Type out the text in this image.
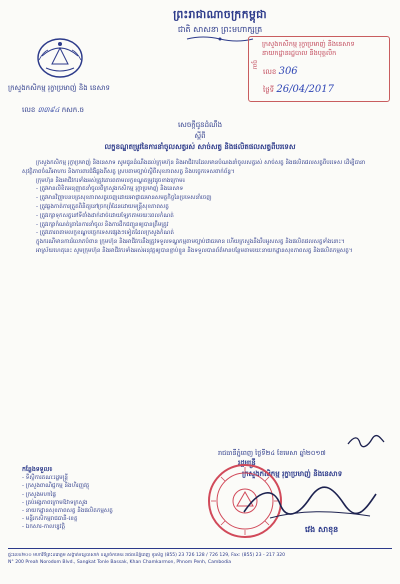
ព្រះរាជាណាចក្រកម្ពុជា
ជាតិ សាសនា ព្រះមហាក្សត្រ
ក្រសួងកសិកម្ម រុក្ខាប្រមាញ់ និង នេសាទ
លេខ ៣៣៩៤ កសក.ច
ក្រសួងកសិកម្ម រុក្ខាប្រមាញ់ និងនេសាទ
នាយកដ្ឋានរដ្ឋបាល និងបុគ្គលិក
ចូល
លេខ 306
ថ្ងៃទី 26/04/2017
សេចក្ដីជូនដំណឹង
ស្ដីពី
លក្ខខណ្ឌតម្រូវនៃការនាំចូលសត្វរស់ សាច់សត្វ និងផលិតផលសត្វពីបរទេស

ក្រសួងកសិកម្ម រុក្ខាប្រមាញ់ និងនេសាទ សូមជូនដំណឹងដល់ក្រុមហ៊ុន និងអាជីវករដែលមានបំណងនាំចូលសត្វរស់ សាច់សត្វ និងផលិតផលសត្វពីបរទេស ដើម្បីធានាសុវត្ថិភាពចំណីអាហារ និងការពារជំងឺឆ្លងពីសត្វ ស្របតាមច្បាប់ស្ដីពីសុខភាពសត្វ និងបច្ចេកទេសពាក់ព័ន្ធ។

ក្រុមហ៊ុន និងអាជីវករទាំងអស់ត្រូវគោរពតាមលក្ខខណ្ឌតម្រូវដូចខាងក្រោម៖

- ត្រូវមានលិខិតអនុញ្ញាតនាំចូលពីក្រសួងកសិកម្ម រុក្ខាប្រមាញ់ និងនេសាទ

- ត្រូវមានវិញ្ញាបនបត្រសុខភាពសត្វចេញដោយអាជ្ញាធរមានសមត្ថកិច្ចនៃប្រទេសនាំចេញ

- ត្រូវឆ្លងកាត់ការត្រួតពិនិត្យនៅច្រកព្រំដែនដោយមន្ត្រីសុខភាពសត្វ

- ត្រូវរក្សាទុកសត្វនៅទីតាំងដាក់ដាច់ដោយឡែកតាមរយៈពេលកំណត់

- ត្រូវរក្សាកំណត់ត្រានៃការនាំចូល និងការដឹកជញ្ជូនឲ្យបានត្រឹមត្រូវ

- ត្រូវគោរពតាមលក្ខខណ្ឌបច្ចេកទេសផ្សេងៗទៀតដែលក្រសួងកំណត់

ក្នុងករណីមានការរំលោភបំពាន ក្រុមហ៊ុន និងអាជីវករនឹងត្រូវទទួលទណ្ឌកម្មតាមច្បាប់ជាធរមាន ហើយក្រសួងនឹងរឹបអូសសត្វ និងផលិតផលសត្វទាំងនោះ។

អាស្រ័យហេតុនេះ សូមក្រុមហ៊ុន និងអាជីវករទាំងអស់អនុវត្តឲ្យបានខ្ជាប់ខ្ជួន និងទទួលបានព័ត៌មានបន្ថែមតាមរយៈនាយកដ្ឋានសុខភាពសត្វ និងផលិតកម្មសត្វ។

រាជធានីភ្នំពេញ ថ្ងៃទី២៤ ខែមេសា ឆ្នាំ២០១៧
រដ្ឋមន្ត្រី
ក្រសួងកសិកម្ម រុក្ខាប្រមាញ់ និងនេសាទ
វេង សាខុន

កន្លែងទទួល៖

- ទីស្ដីការគណៈរដ្ឋមន្ត្រី

- ក្រសួងពាណិជ្ជកម្ម និងហិរញ្ញវត្ថុ

- ក្រសួងមហាផ្ទៃ

- គ្រប់អង្គភាពក្រោមឱវាទក្រសួង

- នាយកដ្ឋានសុខភាពសត្វ និងផលិតកម្មសត្វ

- មន្ទីរកសិកម្មរាជធានី-ខេត្ត

- ឯកសារ-កាលប្បវត្តិ

ផ្ទះលេខ២០០ មហាវិថីព្រះនរោត្តម សង្កាត់ទន្លេបាសាក់ ខណ្ឌចំការមន រាជធានីភ្នំពេញ ទូរស័ព្ទ (855) 23 726 128 / 726 129, Fax: (855) 23 - 217 320
N° 200 Preah Norodom Blvd., Sangkat Tonle Bassak, Khan Chamkarmon, Phnom Penh, Cambodia
